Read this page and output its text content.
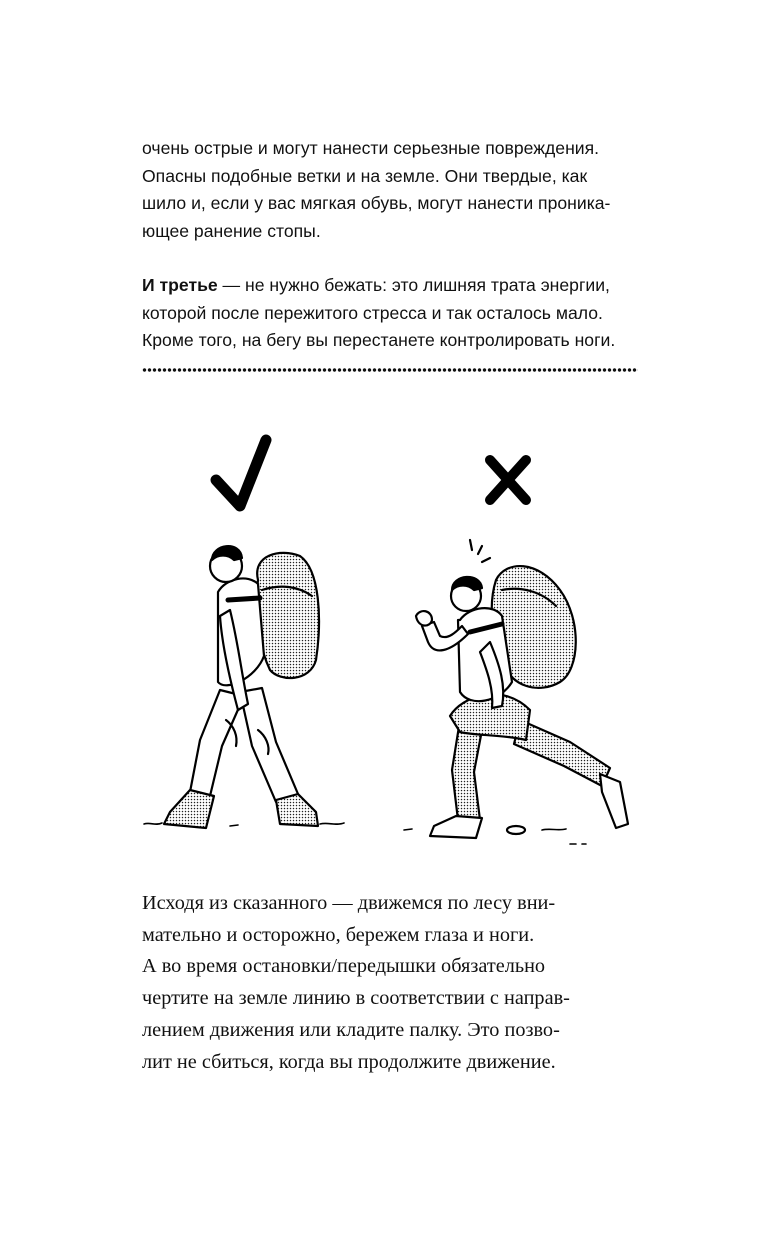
очень острые и могут нанести серьезные повреждения.
Опасны подобные ветки и на земле. Они твердые, как
шило и, если у вас мягкая обувь, могут нанести проника-
ющее ранение стопы.
И третье — не нужно бежать: это лишняя трата энергии,
которой после пережитого стресса и так осталось мало.
Кроме того, на бегу вы перестанете контролировать ноги.
Исходя из сказанного — движемся по лесу вни-
мательно и осторожно, бережем глаза и ноги.
А во время остановки/передышки обязательно
чертите на земле линию в соответствии с направ-
лением движения или кладите палку. Это позво-
лит не сбиться, когда вы продолжите движение.
